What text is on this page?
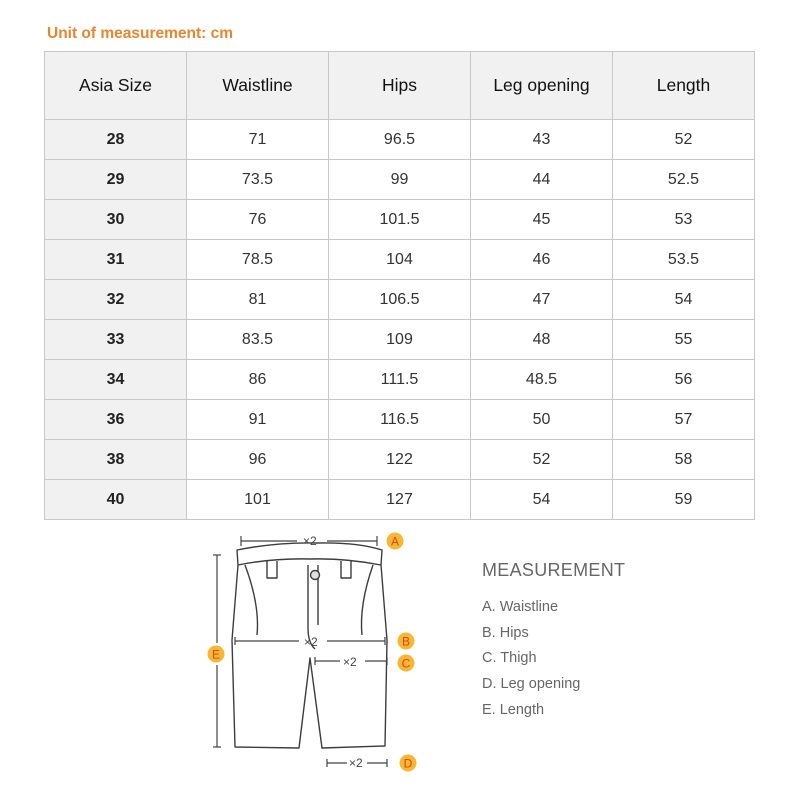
Unit of measurement: cm
Asia Size	Waistline	Hips	Leg opening	Length
28	71	96.5	43	52
29	73.5	99	44	52.5
30	76	101.5	45	53
31	78.5	104	46	53.5
32	81	106.5	47	54
33	83.5	109	48	55
34	86	111.5	48.5	56
36	91	116.5	50	57
38	96	122	52	58
40	101	127	54	59
×2
×2
×2
×2
A
B
C
D
E
MEASUREMENT
A. Waistline
B. Hips
C. Thigh
D. Leg opening
E. Length
